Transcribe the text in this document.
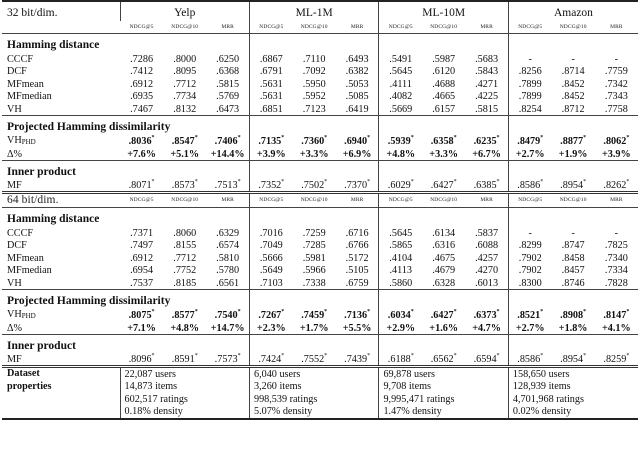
32 bit/dim.	Yelp			ML-1M			ML-10M			Amazon		
	NDCG@5	NDCG@10	MRR	NDCG@5	NDCG@10	MRR	NDCG@5	NDCG@10	MRR	NDCG@5	NDCG@10	MRR
Hamming distance												
CCCF	.7286	.8000	.6250	.6867	.7110	.6493	.5491	.5987	.5683	-	-	-
DCF	.7412	.8095	.6368	.6791	.7092	.6382	.5645	.6120	.5843	.8256	.8714	.7759
MFmean	.6912	.7712	.5815	.5631	.5950	.5053	.4111	.4688	.4271	.7899	.8452	.7342
MFmedian	.6935	.7734	.5769	.5631	.5952	.5085	.4082	.4665	.4225	.7899	.8452	.7343
VH	.7467	.8132	.6473	.6851	.7123	.6419	.5669	.6157	.5815	.8254	.8712	.7758
Projected Hamming dissimilarity												
$VH_{PHD}$	.8036*	.8547*	.7406*	.7135*	.7360*	.6940*	.5939*	.6358*	.6235*	.8479*	.8877*	.8062*
Δ%	+7.6%	+5.1%	+14.4%	+3.9%	+3.3%	+6.9%	+4.8%	+3.3%	+6.7%	+2.7%	+1.9%	+3.9%
Inner product												
MF	.8071*	.8573*	.7513*	.7352*	.7502*	.7370*	.6029*	.6427*	.6385*	.8586*	.8954*	.8262*
64 bit/dim.	NDCG@5	NDCG@10	MRR	NDCG@5	NDCG@10	MRR	NDCG@5	NDCG@10	MRR	NDCG@5	NDCG@10	MRR
Hamming distance												
CCCF	.7371	.8060	.6329	.7016	.7259	.6716	.5645	.6134	.5837	-	-	-
DCF	.7497	.8155	.6574	.7049	.7285	.6766	.5865	.6316	.6088	.8299	.8747	.7825
MFmean	.6912	.7712	.5810	.5666	.5981	.5172	.4104	.4675	.4257	.7902	.8458	.7340
MFmedian	.6954	.7752	.5780	.5649	.5966	.5105	.4113	.4679	.4270	.7902	.8457	.7334
VH	.7537	.8185	.6561	.7103	.7338	.6759	.5860	.6328	.6013	.8300	.8746	.7828
Projected Hamming dissimilarity												
$VH_{PHD}$	.8075*	.8577*	.7540*	.7267*	.7459*	.7136*	.6034*	.6427*	.6373*	.8521*	.8908*	.8147*
Δ%	+7.1%	+4.8%	+14.7%	+2.3%	+1.7%	+5.5%	+2.9%	+1.6%	+4.7%	+2.7%	+1.8%	+4.1%
Inner product												
MF	.8096*	.8591*	.7573*	.7424*	.7552*	.7439*	.6188*	.6562*	.6594*	.8586*	.8954*	.8259*
Dataset	22,087 users			6,040 users			69,878 users			158,650 users		
properties	14,873 items			3,260 items			9,708 items			128,939 items		
	602,517 ratings			998,539 ratings			9,995,471 ratings			4,701,968 ratings		
	0.18% density			5.07% density			1.47% density			0.02% density		
